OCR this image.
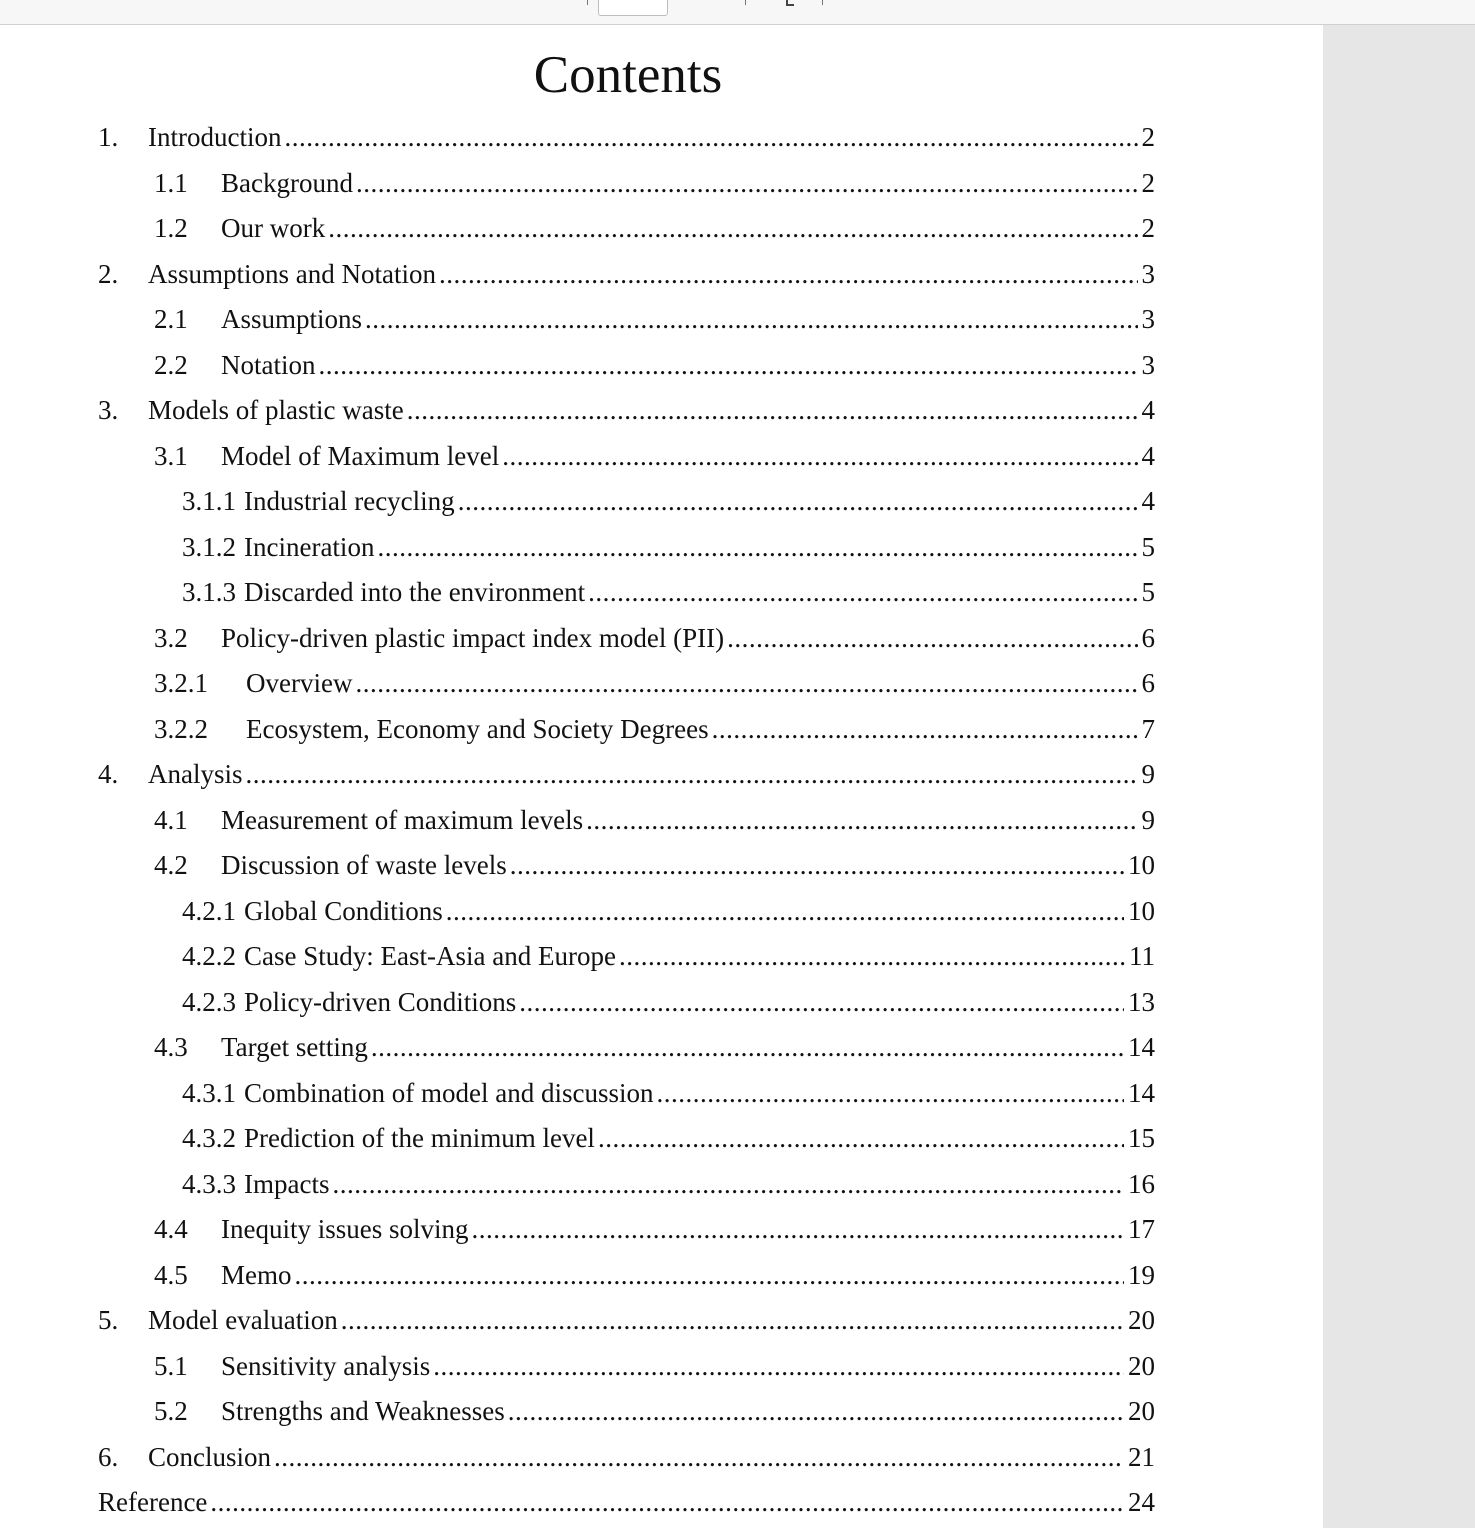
Contents
1.	Introduction .....	2
1.1	Background .....	2
1.2	Our work .....	2
2.	Assumptions and Notation .....	3
2.1	Assumptions .....	3
2.2	Notation .....	3
3.	Models of plastic waste .....	4
3.1	Model of Maximum level .....	4
3.1.1 Industrial recycling .....	4
3.1.2 Incineration .....	5
3.1.3 Discarded into the environment .....	5
3.2	Policy-driven plastic impact index model (PII) .....	6
3.2.1	Overview .....	6
3.2.2	Ecosystem, Economy and Society Degrees .....	7
4.	Analysis .....	9
4.1	Measurement of maximum levels .....	9
4.2	Discussion of waste levels .....	10
4.2.1 Global Conditions .....	10
4.2.2 Case Study: East-Asia and Europe .....	11
4.2.3 Policy-driven Conditions .....	13
4.3	Target setting .....	14
4.3.1 Combination of model and discussion .....	14
4.3.2 Prediction of the minimum level .....	15
4.3.3 Impacts .....	16
4.4	Inequity issues solving .....	17
4.5	Memo .....	19
5.	Model evaluation .....	20
5.1	Sensitivity analysis .....	20
5.2	Strengths and Weaknesses .....	20
6.	Conclusion .....	21
Reference .....	24
